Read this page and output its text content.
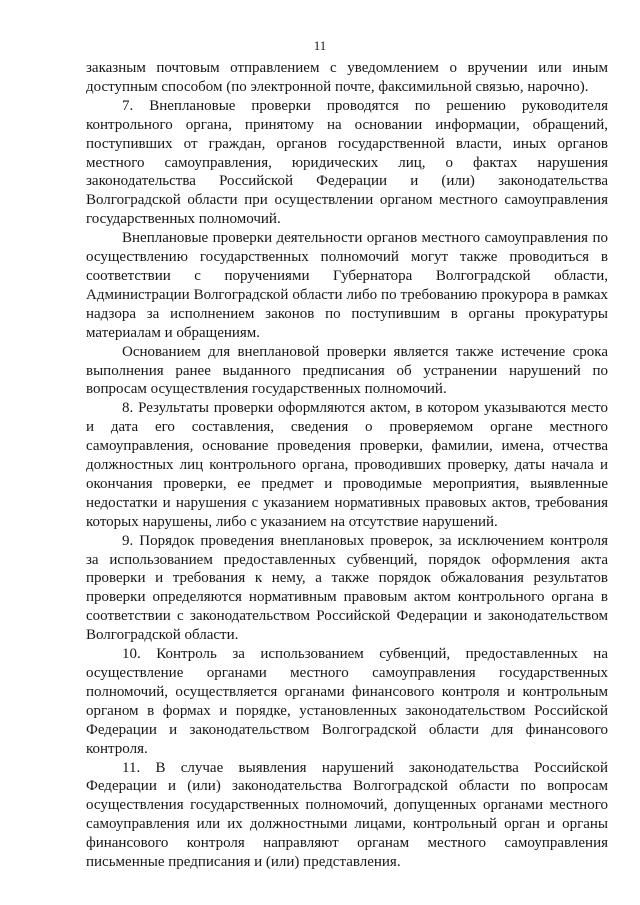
11

заказным почтовым отправлением с уведомлением о вручении или иным доступным способом (по электронной почте, факсимильной связью, нарочно).

7. Внеплановые проверки проводятся по решению руководителя контрольного органа, принятому на основании информации, обращений, поступивших от граждан, органов государственной власти, иных органов местного самоуправления, юридических лиц, о фактах нарушения законодательства Российской Федерации и (или) законодательства Волгоградской области при осуществлении органом местного самоуправления государственных полномочий.

Внеплановые проверки деятельности органов местного самоуправления по осуществлению государственных полномочий могут также проводиться в соответствии с поручениями Губернатора Волгоградской области, Администрации Волгоградской области либо по требованию прокурора в рамках надзора за исполнением законов по поступившим в органы прокуратуры материалам и обращениям.

Основанием для внеплановой проверки является также истечение срока выполнения ранее выданного предписания об устранении нарушений по вопросам осуществления государственных полномочий.

8. Результаты проверки оформляются актом, в котором указываются место и дата его составления, сведения о проверяемом органе местного самоуправления, основание проведения проверки, фамилии, имена, отчества должностных лиц контрольного органа, проводивших проверку, даты начала и окончания проверки, ее предмет и проводимые мероприятия, выявленные недостатки и нарушения с указанием нормативных правовых актов, требования которых нарушены, либо с указанием на отсутствие нарушений.

9. Порядок проведения внеплановых проверок, за исключением контроля за использованием предоставленных субвенций, порядок оформления акта проверки и требования к нему, а также порядок обжалования результатов проверки определяются нормативным правовым актом контрольного органа в соответствии с законодательством Российской Федерации и законодательством Волгоградской области.

10. Контроль за использованием субвенций, предоставленных на осуществление органами местного самоуправления государственных полномочий, осуществляется органами финансового контроля и контрольным органом в формах и порядке, установленных законодательством Российской Федерации и законодательством Волгоградской области для финансового контроля.

11. В случае выявления нарушений законодательства Российской Федерации и (или) законодательства Волгоградской области по вопросам осуществления государственных полномочий, допущенных органами местного самоуправления или их должностными лицами, контрольный орган и органы финансового контроля направляют органам местного самоуправления письменные предписания и (или) представления.
